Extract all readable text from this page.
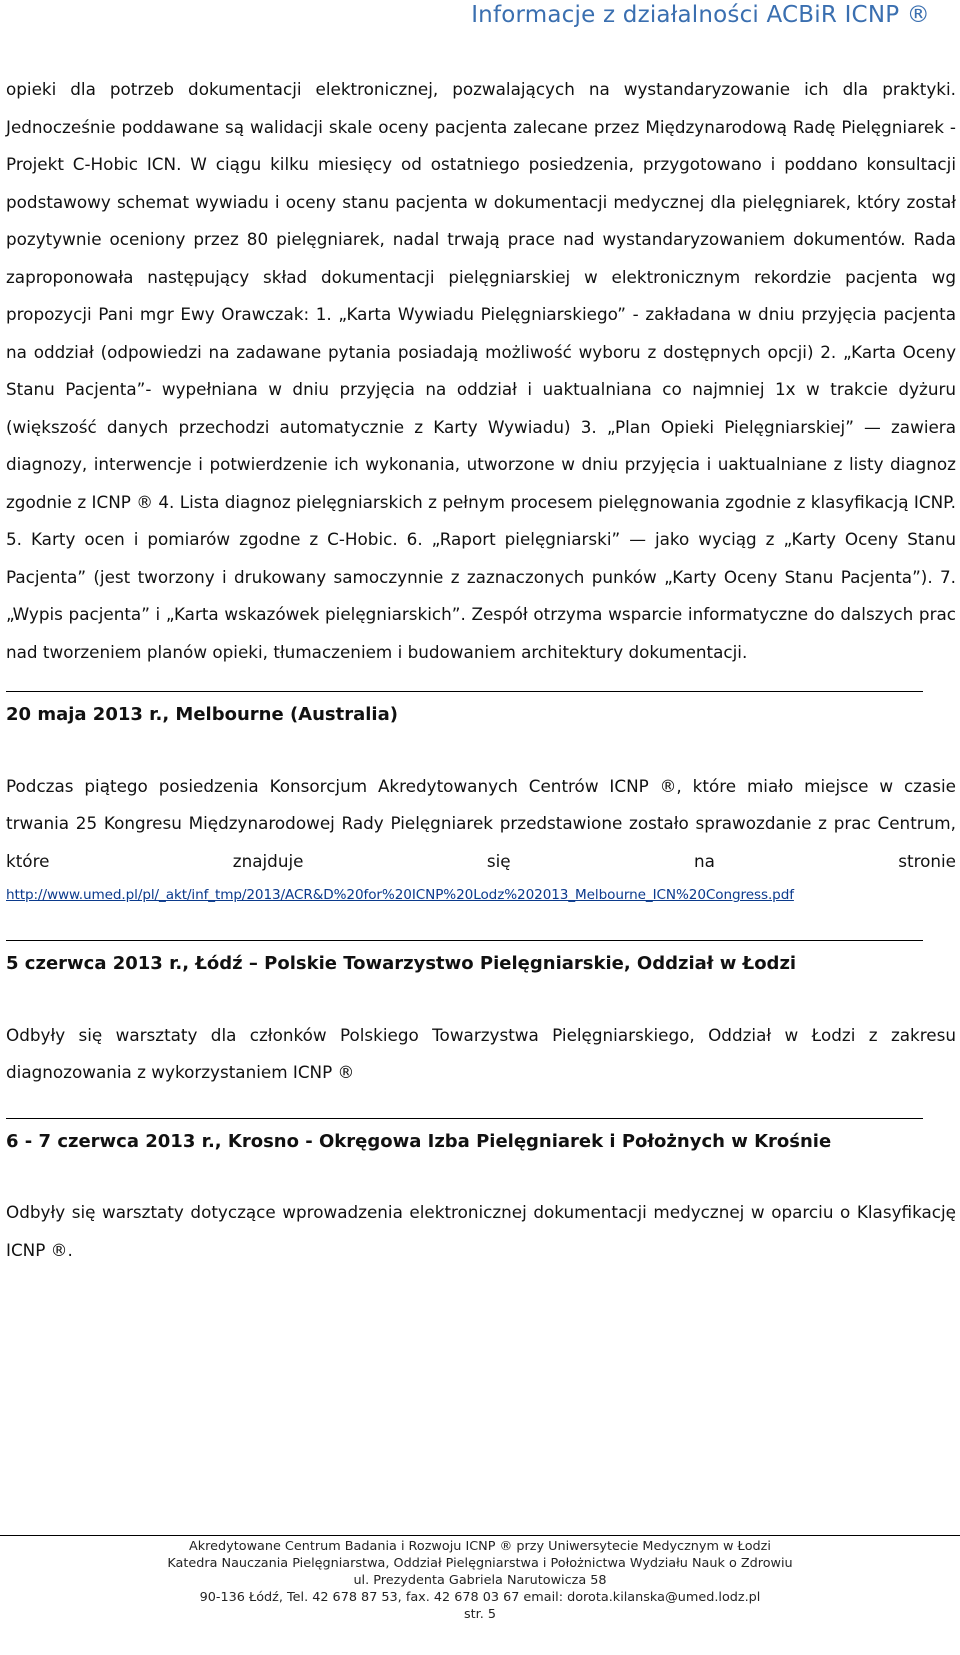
Informacje z działalności ACBiR ICNP ®

opieki dla potrzeb dokumentacji elektronicznej, pozwalających na wystandaryzowanie ich dla praktyki. Jednocześnie poddawane są walidacji skale oceny pacjenta zalecane przez Międzynarodową Radę Pielęgniarek - Projekt C-Hobic ICN. W ciągu kilku miesięcy od ostatniego posiedzenia, przygotowano i poddano konsultacji podstawowy schemat wywiadu i oceny stanu pacjenta w dokumentacji medycznej dla pielęgniarek, który został pozytywnie oceniony przez 80 pielęgniarek, nadal trwają prace nad wystandaryzowaniem dokumentów. Rada zaproponowała następujący skład dokumentacji pielęgniarskiej w elektronicznym rekordzie pacjenta wg propozycji Pani mgr Ewy Orawczak: 1. „Karta Wywiadu Pielęgniarskiego” - zakładana w dniu przyjęcia pacjenta na oddział (odpowiedzi na zadawane pytania posiadają możliwość wyboru z dostępnych opcji) 2. „Karta Oceny Stanu Pacjenta”- wypełniana w dniu przyjęcia na oddział i uaktualniana co najmniej 1x w trakcie dyżuru (większość danych przechodzi automatycznie z Karty Wywiadu) 3. „Plan Opieki Pielęgniarskiej” — zawiera diagnozy, interwencje i potwierdzenie ich wykonania, utworzone w dniu przyjęcia i uaktualniane z listy diagnoz zgodnie z ICNP ® 4. Lista diagnoz pielęgniarskich z pełnym procesem pielęgnowania zgodnie z klasyfikacją ICNP. 5. Karty ocen i pomiarów zgodne z C-Hobic. 6. „Raport pielęgniarski” — jako wyciąg z „Karty Oceny Stanu Pacjenta” (jest tworzony i drukowany samoczynnie z zaznaczonych punków „Karty Oceny Stanu Pacjenta”). 7. „Wypis pacjenta” i „Karta wskazówek pielęgniarskich”. Zespół otrzyma wsparcie informatyczne do dalszych prac nad tworzeniem planów opieki, tłumaczeniem i budowaniem architektury dokumentacji.

20 maja 2013 r., Melbourne (Australia)

Podczas piątego posiedzenia Konsorcjum Akredytowanych Centrów ICNP ®, które miało miejsce w czasie trwania 25 Kongresu Międzynarodowej Rady Pielęgniarek przedstawione zostało sprawozdanie z prac Centrum, które znajduje się na stronie

http://www.umed.pl/pl/_akt/inf_tmp/2013/ACR&D%20for%20ICNP%20Lodz%202013_Melbourne_ICN%20Congress.pdf
5 czerwca 2013 r., Łódź – Polskie Towarzystwo Pielęgniarskie, Oddział w Łodzi

Odbyły się warsztaty dla członków Polskiego Towarzystwa Pielęgniarskiego, Oddział w Łodzi z zakresu diagnozowania z wykorzystaniem ICNP ®

6 - 7 czerwca 2013 r., Krosno - Okręgowa Izba Pielęgniarek i Położnych w Krośnie

Odbyły się warsztaty dotyczące wprowadzenia elektronicznej dokumentacji medycznej w oparciu o Klasyfikację ICNP ®.

Akredytowane Centrum Badania i Rozwoju ICNP ® przy Uniwersytecie Medycznym w Łodzi
Katedra Nauczania Pielęgniarstwa, Oddział Pielęgniarstwa i Położnictwa Wydziału Nauk o Zdrowiu
ul. Prezydenta Gabriela Narutowicza 58
90-136 Łódź, Tel. 42 678 87 53, fax. 42 678 03 67 email: dorota.kilanska@umed.lodz.pl
str. 5
